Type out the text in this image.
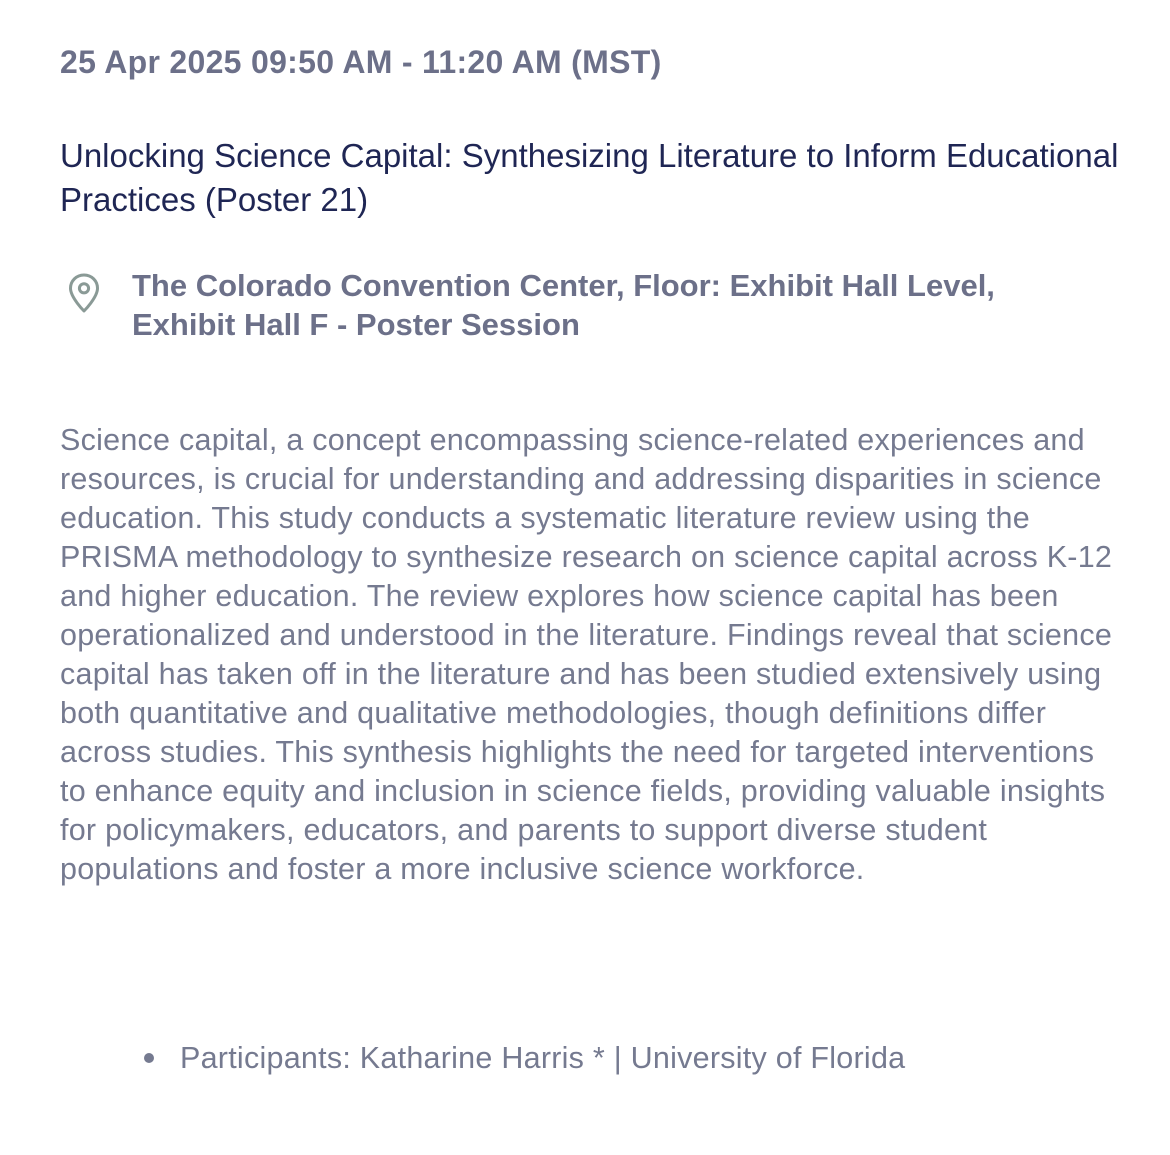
25 Apr 2025 09:50 AM - 11:20 AM (MST)
Unlocking Science Capital: Synthesizing Literature to Inform Educational Practices (Poster 21)
The Colorado Convention Center, Floor: Exhibit Hall Level, Exhibit Hall F - Poster Session

Science capital, a concept encompassing science-related experiences and resources, is crucial for understanding and addressing disparities in science education. This study conducts a systematic literature review using the PRISMA methodology to synthesize research on science capital across K-12 and higher education. The review explores how science capital has been operationalized and understood in the literature. Findings reveal that science capital has taken off in the literature and has been studied extensively using both quantitative and qualitative methodologies, though definitions differ across studies. This synthesis highlights the need for targeted interventions to enhance equity and inclusion in science fields, providing valuable insights for policymakers, educators, and parents to support diverse student populations and foster a more inclusive science workforce.

Participants: Katharine Harris * | University of Florida
